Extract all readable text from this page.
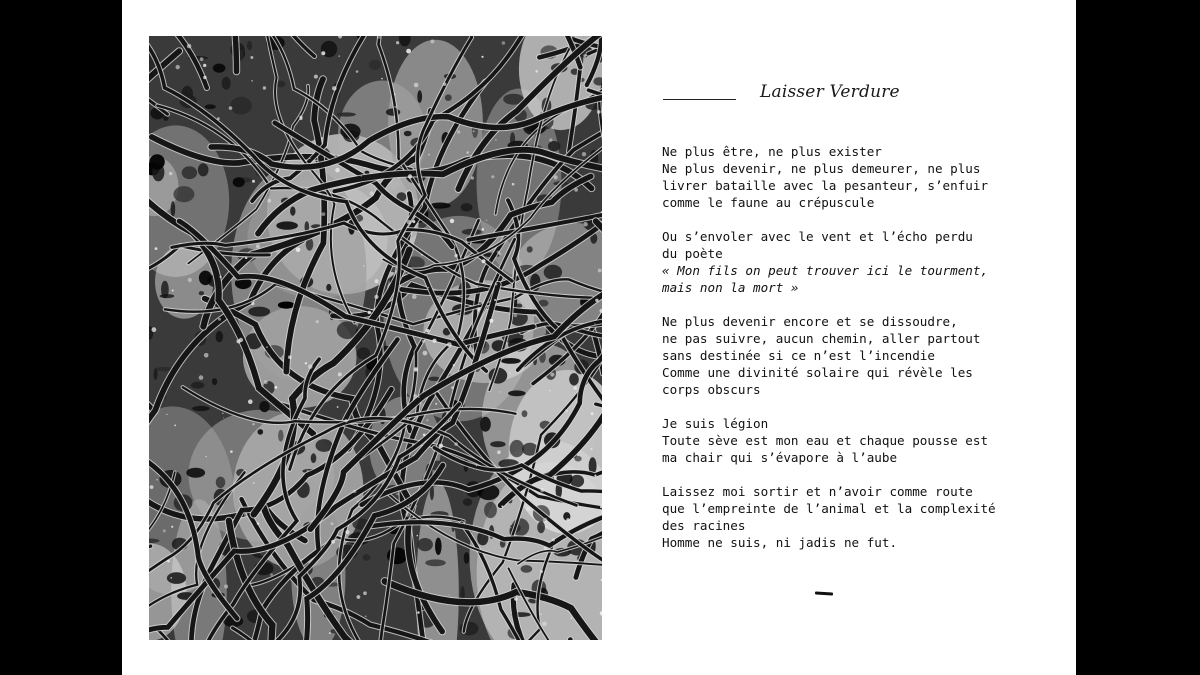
Laisser Verdure
Ne plus être, ne plus exister
Ne plus devenir, ne plus demeurer, ne plus
livrer bataille avec la pesanteur, s’enfuir
comme le faune au crépuscule
Ou s’envoler avec le vent et l’écho perdu
du poète
« Mon fils on peut trouver ici le tourment,
mais non la mort »
Ne plus devenir encore et se dissoudre,
ne pas suivre, aucun chemin, aller partout
sans destinée si ce n’est l’incendie
Comme une divinité solaire qui révèle les
corps obscurs
Je suis légion
Toute sève est mon eau et chaque pousse est
ma chair qui s’évapore à l’aube
Laissez moi sortir et n’avoir comme route
que l’empreinte de l’animal et la complexité
des racines
Homme ne suis, ni jadis ne fut.
